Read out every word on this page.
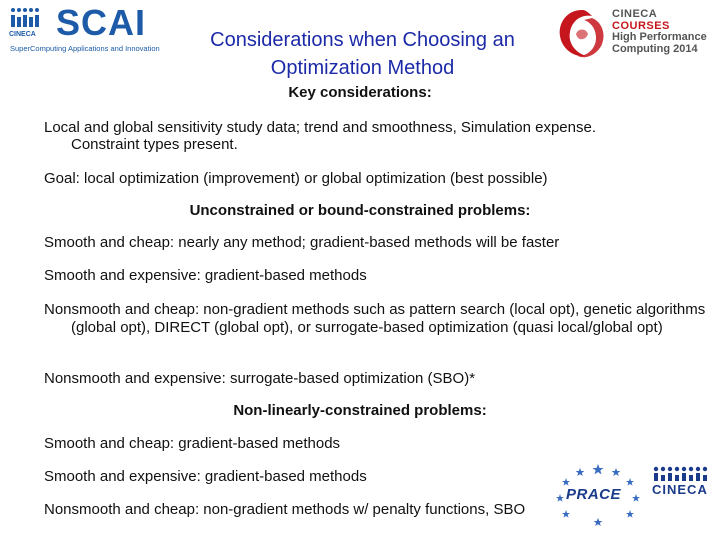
CINECA SCAI
SuperComputing Applications and Innovation	Considerations when Choosing an
Optimization Method
CINECA
COURSES
High Performance
Computing 2014
Key considerations:
Local and global sensitivity study data; trend and smoothness, Simulation expense.
Constraint types present.
Goal: local optimization (improvement) or global optimization (best possible)
Unconstrained or bound-constrained problems:
Smooth and cheap: nearly any method; gradient-based methods will be faster
Smooth and expensive: gradient-based methods
Nonsmooth and cheap: non-gradient methods such as pattern search (local opt), genetic algorithms (global opt), DIRECT (global opt), or surrogate-based optimization (quasi local/global opt)
Nonsmooth and expensive: surrogate-based optimization (SBO)*
Non-linearly-constrained problems:
Smooth and cheap: gradient-based methods
Smooth and expensive: gradient-based methods
Nonsmooth and cheap: non-gradient methods w/ penalty functions, SBO
PRACE CINECA
